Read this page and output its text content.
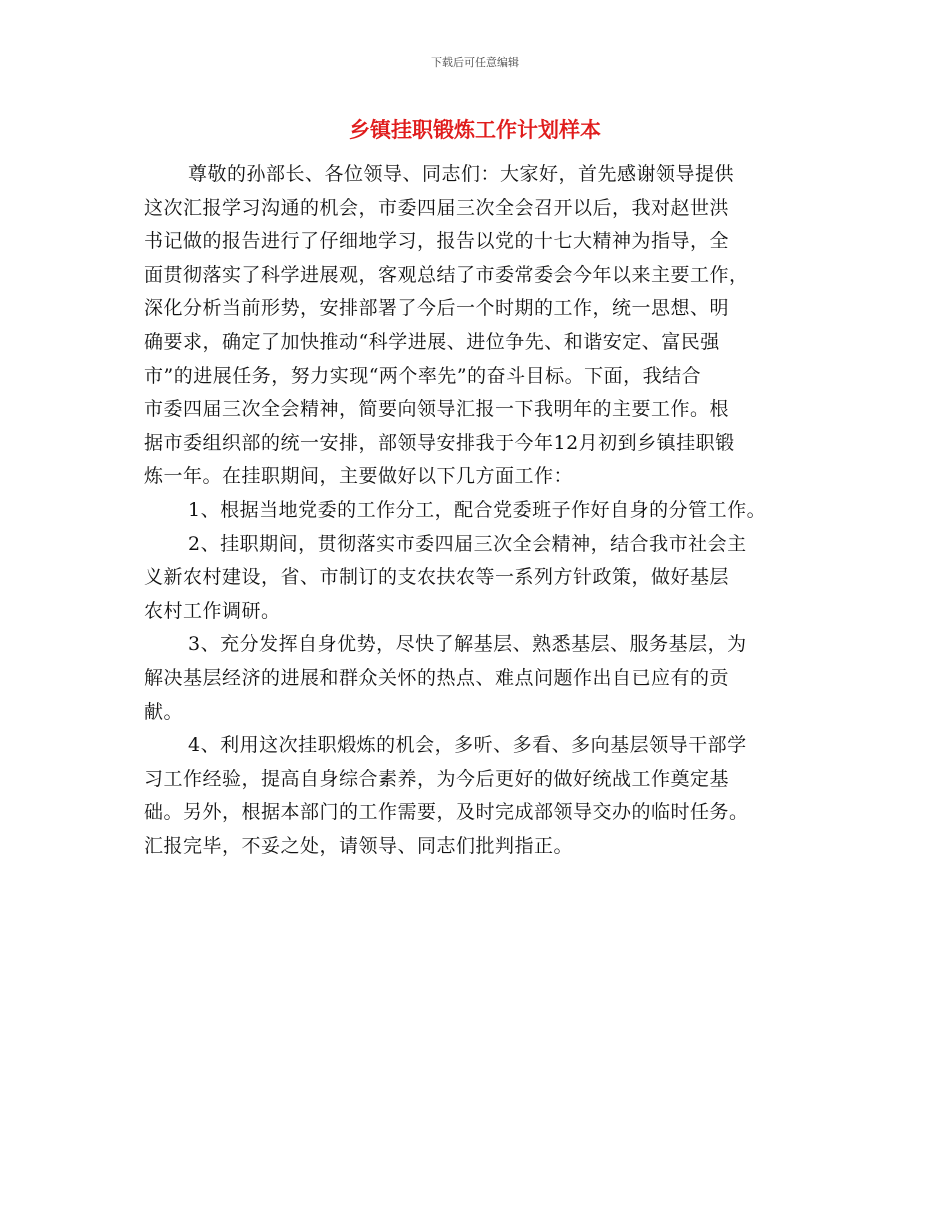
下载后可任意编辑
乡镇挂职锻炼工作计划样本
尊敬的孙部长、各位领导、同志们：大家好，首先感谢领导提供
这次汇报学习沟通的机会，市委四届三次全会召开以后，我对赵世洪
书记做的报告进行了仔细地学习，报告以党的十七大精神为指导，全
面贯彻落实了科学进展观，客观总结了市委常委会今年以来主要工作，
深化分析当前形势，安排部署了今后一个时期的工作，统一思想、明
确要求，确定了加快推动“科学进展、进位争先、和谐安定、富民强
市”的进展任务，努力实现“两个率先”的奋斗目标。下面，我结合
市委四届三次全会精神，简要向领导汇报一下我明年的主要工作。根
据市委组织部的统一安排，部领导安排我于今年12月初到乡镇挂职锻
炼一年。在挂职期间，主要做好以下几方面工作：
1、根据当地党委的工作分工，配合党委班子作好自身的分管工作。
2、挂职期间，贯彻落实市委四届三次全会精神，结合我市社会主
义新农村建设，省、市制订的支农扶农等一系列方针政策，做好基层
农村工作调研。
3、充分发挥自身优势，尽快了解基层、熟悉基层、服务基层，为
解决基层经济的进展和群众关怀的热点、难点问题作出自已应有的贡
献。
4、利用这次挂职煅炼的机会，多听、多看、多向基层领导干部学
习工作经验，提高自身综合素养，为今后更好的做好统战工作奠定基
础。另外，根据本部门的工作需要，及时完成部领导交办的临时任务。
汇报完毕，不妥之处，请领导、同志们批判指正。
